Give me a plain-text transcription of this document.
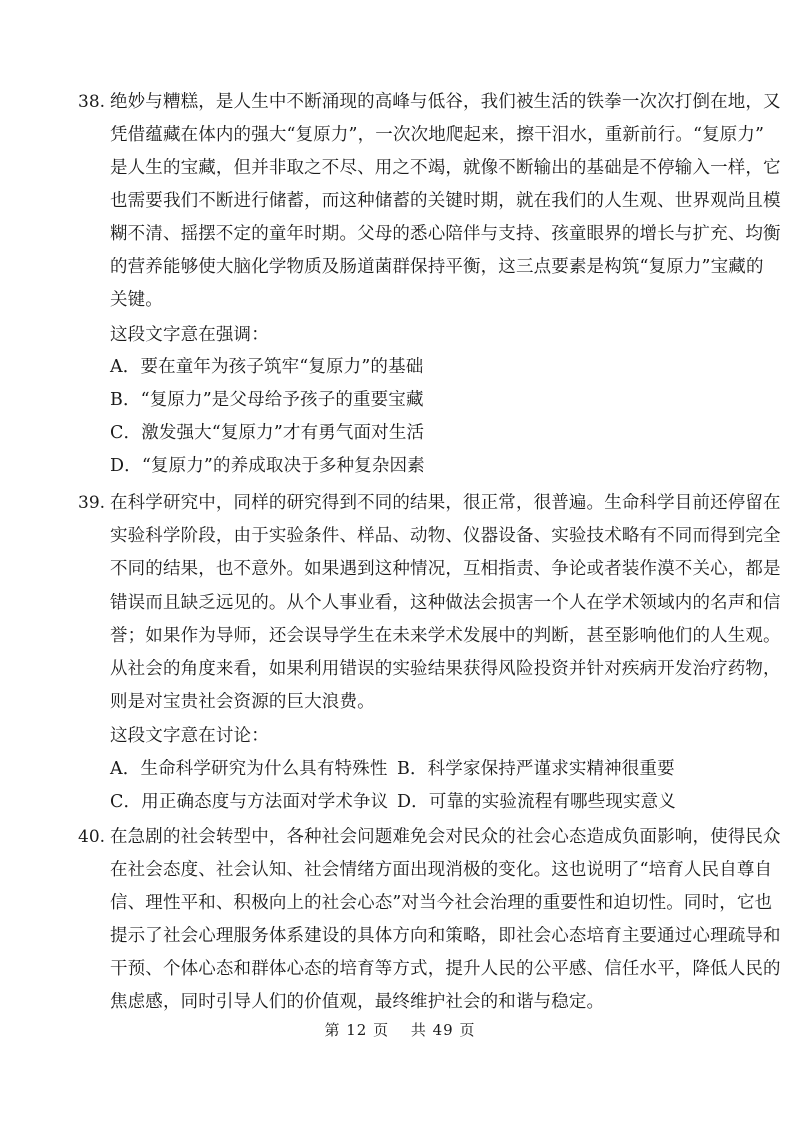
38. 绝妙与糟糕，是人生中不断涌现的高峰与低谷，我们被生活的铁拳一次次打倒在地，又
凭借蕴藏在体内的强大“复原力”，一次次地爬起来，擦干泪水，重新前行。“复原力”
是人生的宝藏，但并非取之不尽、用之不竭，就像不断输出的基础是不停输入一样，它
也需要我们不断进行储蓄，而这种储蓄的关键时期，就在我们的人生观、世界观尚且模
糊不清、摇摆不定的童年时期。父母的悉心陪伴与支持、孩童眼界的增长与扩充、均衡
的营养能够使大脑化学物质及肠道菌群保持平衡，这三点要素是构筑“复原力”宝藏的
关键。
这段文字意在强调：
A．要在童年为孩子筑牢“复原力”的基础
B．“复原力”是父母给予孩子的重要宝藏
C．激发强大“复原力”才有勇气面对生活
D．“复原力”的养成取决于多种复杂因素
39. 在科学研究中，同样的研究得到不同的结果，很正常，很普遍。生命科学目前还停留在
实验科学阶段，由于实验条件、样品、动物、仪器设备、实验技术略有不同而得到完全
不同的结果，也不意外。如果遇到这种情况，互相指责、争论或者装作漠不关心，都是
错误而且缺乏远见的。从个人事业看，这种做法会损害一个人在学术领域内的名声和信
誉；如果作为导师，还会误导学生在未来学术发展中的判断，甚至影响他们的人生观。
从社会的角度来看，如果利用错误的实验结果获得风险投资并针对疾病开发治疗药物，
则是对宝贵社会资源的巨大浪费。
这段文字意在讨论：
A．生命科学研究为什么具有特殊性 B．科学家保持严谨求实精神很重要
C．用正确态度与方法面对学术争议 D．可靠的实验流程有哪些现实意义
40. 在急剧的社会转型中，各种社会问题难免会对民众的社会心态造成负面影响，使得民众
在社会态度、社会认知、社会情绪方面出现消极的变化。这也说明了“培育人民自尊自
信、理性平和、积极向上的社会心态”对当今社会治理的重要性和迫切性。同时，它也
提示了社会心理服务体系建设的具体方向和策略，即社会心态培育主要通过心理疏导和
干预、个体心态和群体心态的培育等方式，提升人民的公平感、信任水平，降低人民的
焦虑感，同时引导人们的价值观，最终维护社会的和谐与稳定。
第 12 页　 共 49 页
